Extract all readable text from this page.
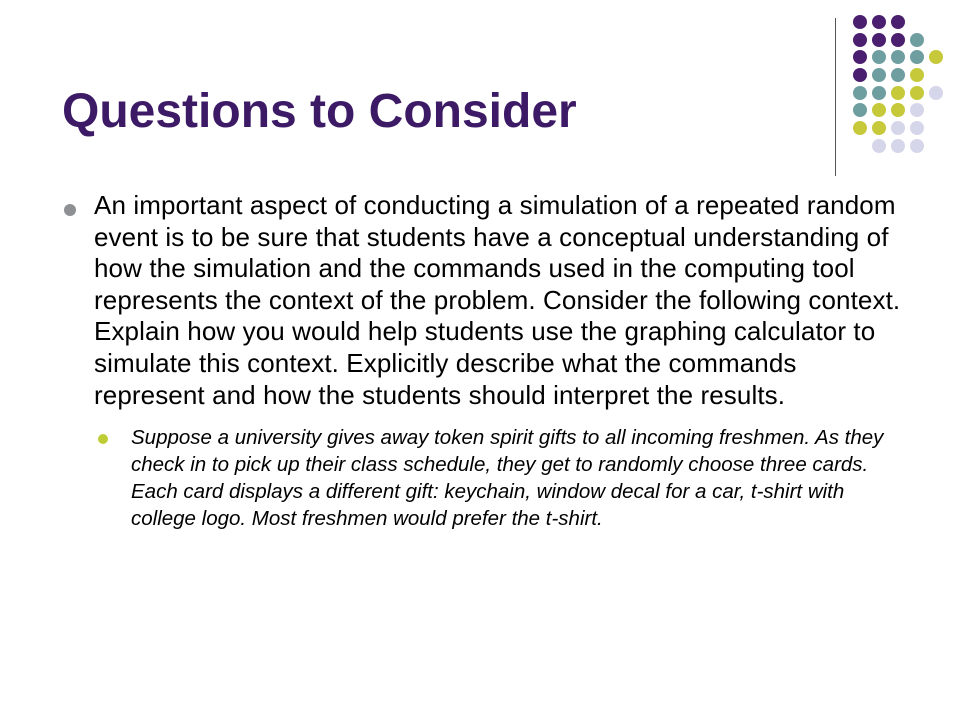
Questions to Consider
An important aspect of conducting a simulation of a repeated random event is to be sure that students have a conceptual understanding of how the simulation and the commands used in the computing tool represents the context of the problem. Consider the following context. Explain how you would help students use the graphing calculator to simulate this context. Explicitly describe what the commands represent and how the students should interpret the results.
Suppose a university gives away token spirit gifts to all incoming freshmen. As they check in to pick up their class schedule, they get to randomly choose three cards. Each card displays a different gift: keychain, window decal for a car, t-shirt with college logo. Most freshmen would prefer the t-shirt.
